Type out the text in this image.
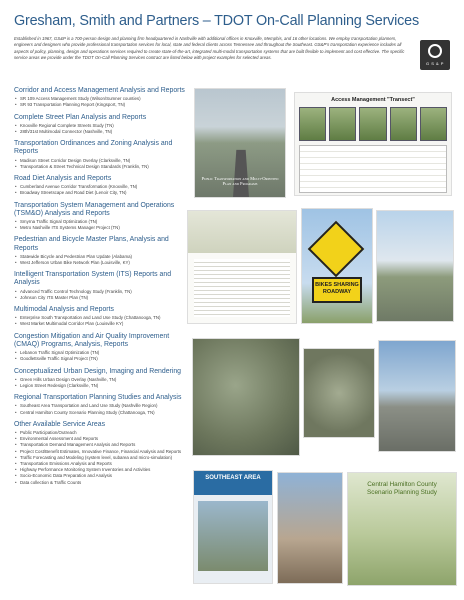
Gresham, Smith and Partners – TDOT On-Call Planning Services
Established in 1967, GS&P is a 700-person design and planning firm headquartered in Nashville with additional offices in Knoxville, Memphis, and 16 other locations. We employ transportation planners, engineers and designers who provide professional transportation services for local, state and federal clients across Tennessee and throughout the Southeast. GS&P's transportation experience includes all aspects of policy, planning, design and operations services required to create state-of-the-art, integrated multi-modal transportation systems that are built flexible to implement and cost effective. The specific service areas we provide under the TDOT On-Call Planning Services contract are listed below with project examples for selected areas.
G S & P
Corridor and Access Management Analysis and Reports
• SR 109 Access Management Study (Wilson/Sumner counties)
• SR 93 Transportation Planning Report (Kingsport, TN)
Complete Street Plan Analysis and Reports
• Knoxville Regional Complete Streets Study (TN)
• 28th/31st Multimodal Connector (Nashville, TN)
Transportation Ordinances and Zoning Analysis and Reports
• Madison Street Corridor Design Overlay (Clarksville, TN)
• Transportation & Street Technical Design Standards (Franklin, TN)
Road Diet Analysis and Reports
• Cumberland Avenue Corridor Transformation (Knoxville, TN)
• Broadway Streetscape and Road Diet (Lenoir City, TN)
Transportation System Management and Operations (TSM&O) Analysis and Reports
• Smyrna Traffic Signal Optimization (TN)
• Metro Nashville ITS Systems Manager Project (TN)
Pedestrian and Bicycle Master Plans, Analysis and Reports
• Statewide Bicycle and Pedestrian Plan Update (Alabama)
• West Jefferson Urban Bike Network Plan (Louisville, KY)
Intelligent Transportation System (ITS) Reports and Analysis
• Advanced Traffic Control Technology Study (Franklin, TN)
• Johnson City ITS Master Plan (TN)
Multimodal Analysis and Reports
• Enterprise South Transportation and Land Use Study (Chattanooga, TN)
• West Market Multimodal Corridor Plan (Louisville KY)
Congestion Mitigation and Air Quality Improvement (CMAQ) Programs, Analysis, Reports
• Lebanon Traffic Signal Optimization (TN)
• Goodlettsville Traffic Signal Project (TN)
Conceptualized Urban Design, Imaging and Rendering
• Green Hills Urban Design Overlay (Nashville, TN)
• Legion Street Redesign (Clarksville, TN)
Regional Transportation Planning Studies and Analysis
• Southeast Area Transportation and Land Use Study (Nashville Region)
• Central Hamilton County Scenario Planning Study (Chattanooga, TN)
Other Available Service Areas
• Public Participation/Outreach
• Environmental Assessment and Reports
• Transportation Demand Management Analysis and Reports
• Project Cost/Benefit Estimates, Innovative Finance, Financial Analysis and Reports
• Traffic Forecasting and Modeling (system level, subarea and micro-simulation)
• Transportation Emissions Analysis and Reports
• Highway Performance Monitoring System Inventories and Activities
• Socio-Economic Data Preparation and Analysis
• Data collection & Traffic Counts
Public Transportation and Multi-Oriented Plan and Programs
Access Management "Transect"
BIKES SHARING ROADWAY
SOUTHEAST AREA
Central Hamilton County Scenario Planning Study
